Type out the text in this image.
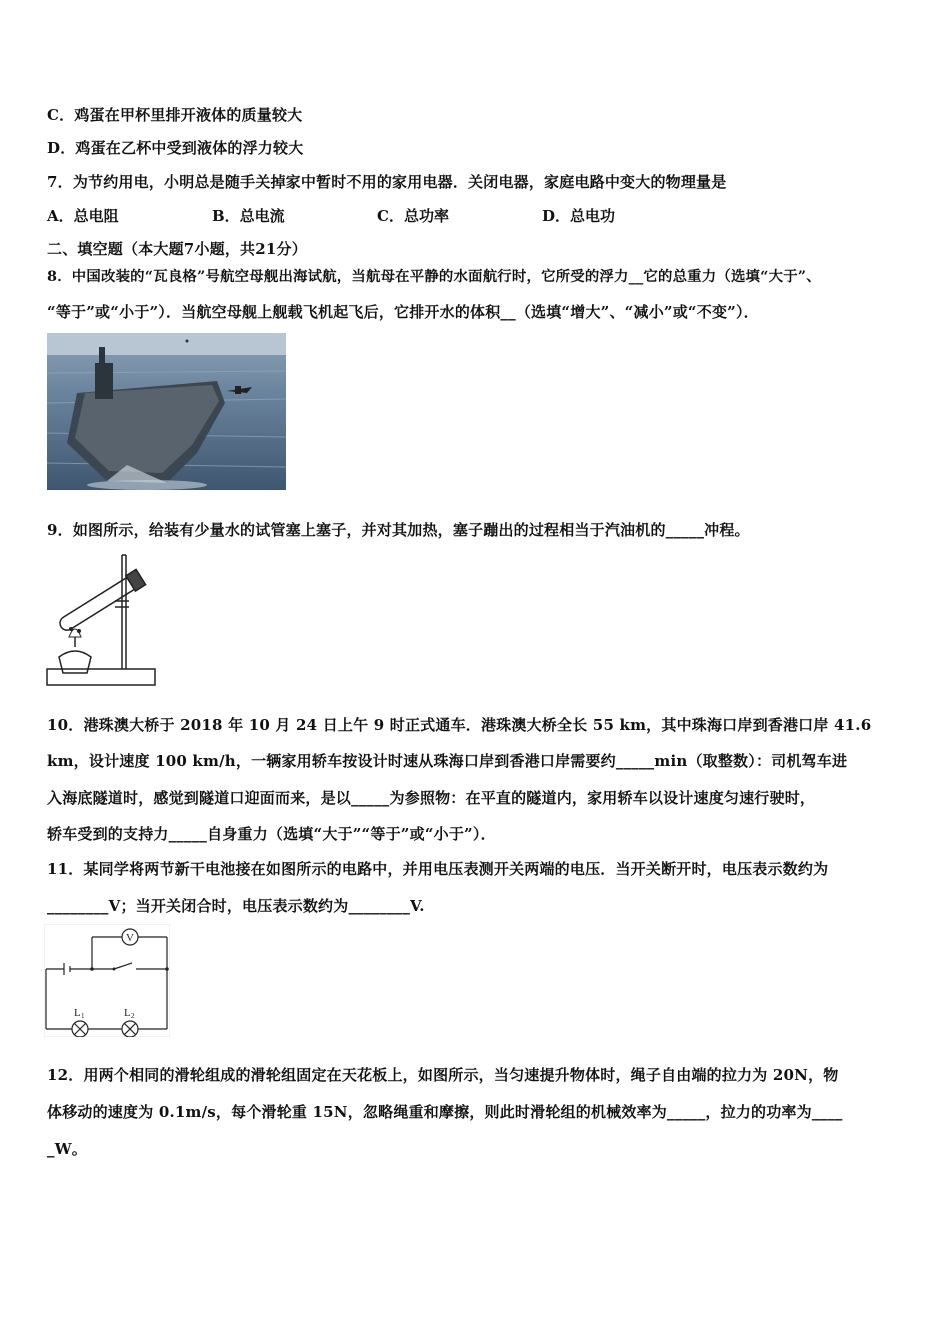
C．鸡蛋在甲杯里排开液体的质量较大
D．鸡蛋在乙杯中受到液体的浮力较大
7．为节约用电，小明总是随手关掉家中暂时不用的家用电器．关闭电器，家庭电路中变大的物理量是
A．总电阻	B．总电流	C．总功率	D．总电功
二、填空题（本大题7小题，共21分）
8．中国改装的“瓦良格”号航空母舰出海试航，当航母在平静的水面航行时，它所受的浮力__它的总重力（选填“大于”、
“等于”或“小于”）．当航空母舰上舰载飞机起飞后，它排开水的体积__（选填“增大”、“减小”或“不变”）．
9．如图所示，给装有少量水的试管塞上塞子，并对其加热，塞子蹦出的过程相当于汽油机的_____冲程。
10．港珠澳大桥于 2018 年 10 月 24 日上午 9 时正式通车．港珠澳大桥全长 55 km，其中珠海口岸到香港口岸 41.6
km，设计速度 100 km/h，一辆家用轿车按设计时速从珠海口岸到香港口岸需要约_____min（取整数）：司机驾车进
入海底隧道时，感觉到隧道口迎面而来，是以_____为参照物：在平直的隧道内，家用轿车以设计速度匀速行驶时，
轿车受到的支持力_____自身重力（选填“大于”“等于”或“小于”）．
11．某同学将两节新干电池接在如图所示的电路中，并用电压表测开关两端的电压．当开关断开时，电压表示数约为
________V；当开关闭合时，电压表示数约为________V.
V
L 1	L 2
12．用两个相同的滑轮组成的滑轮组固定在天花板上，如图所示，当匀速提升物体时，绳子自由端的拉力为 20N，物
体移动的速度为 0.1m/s，每个滑轮重 15N，忽略绳重和摩擦，则此时滑轮组的机械效率为_____，拉力的功率为____
_W。
